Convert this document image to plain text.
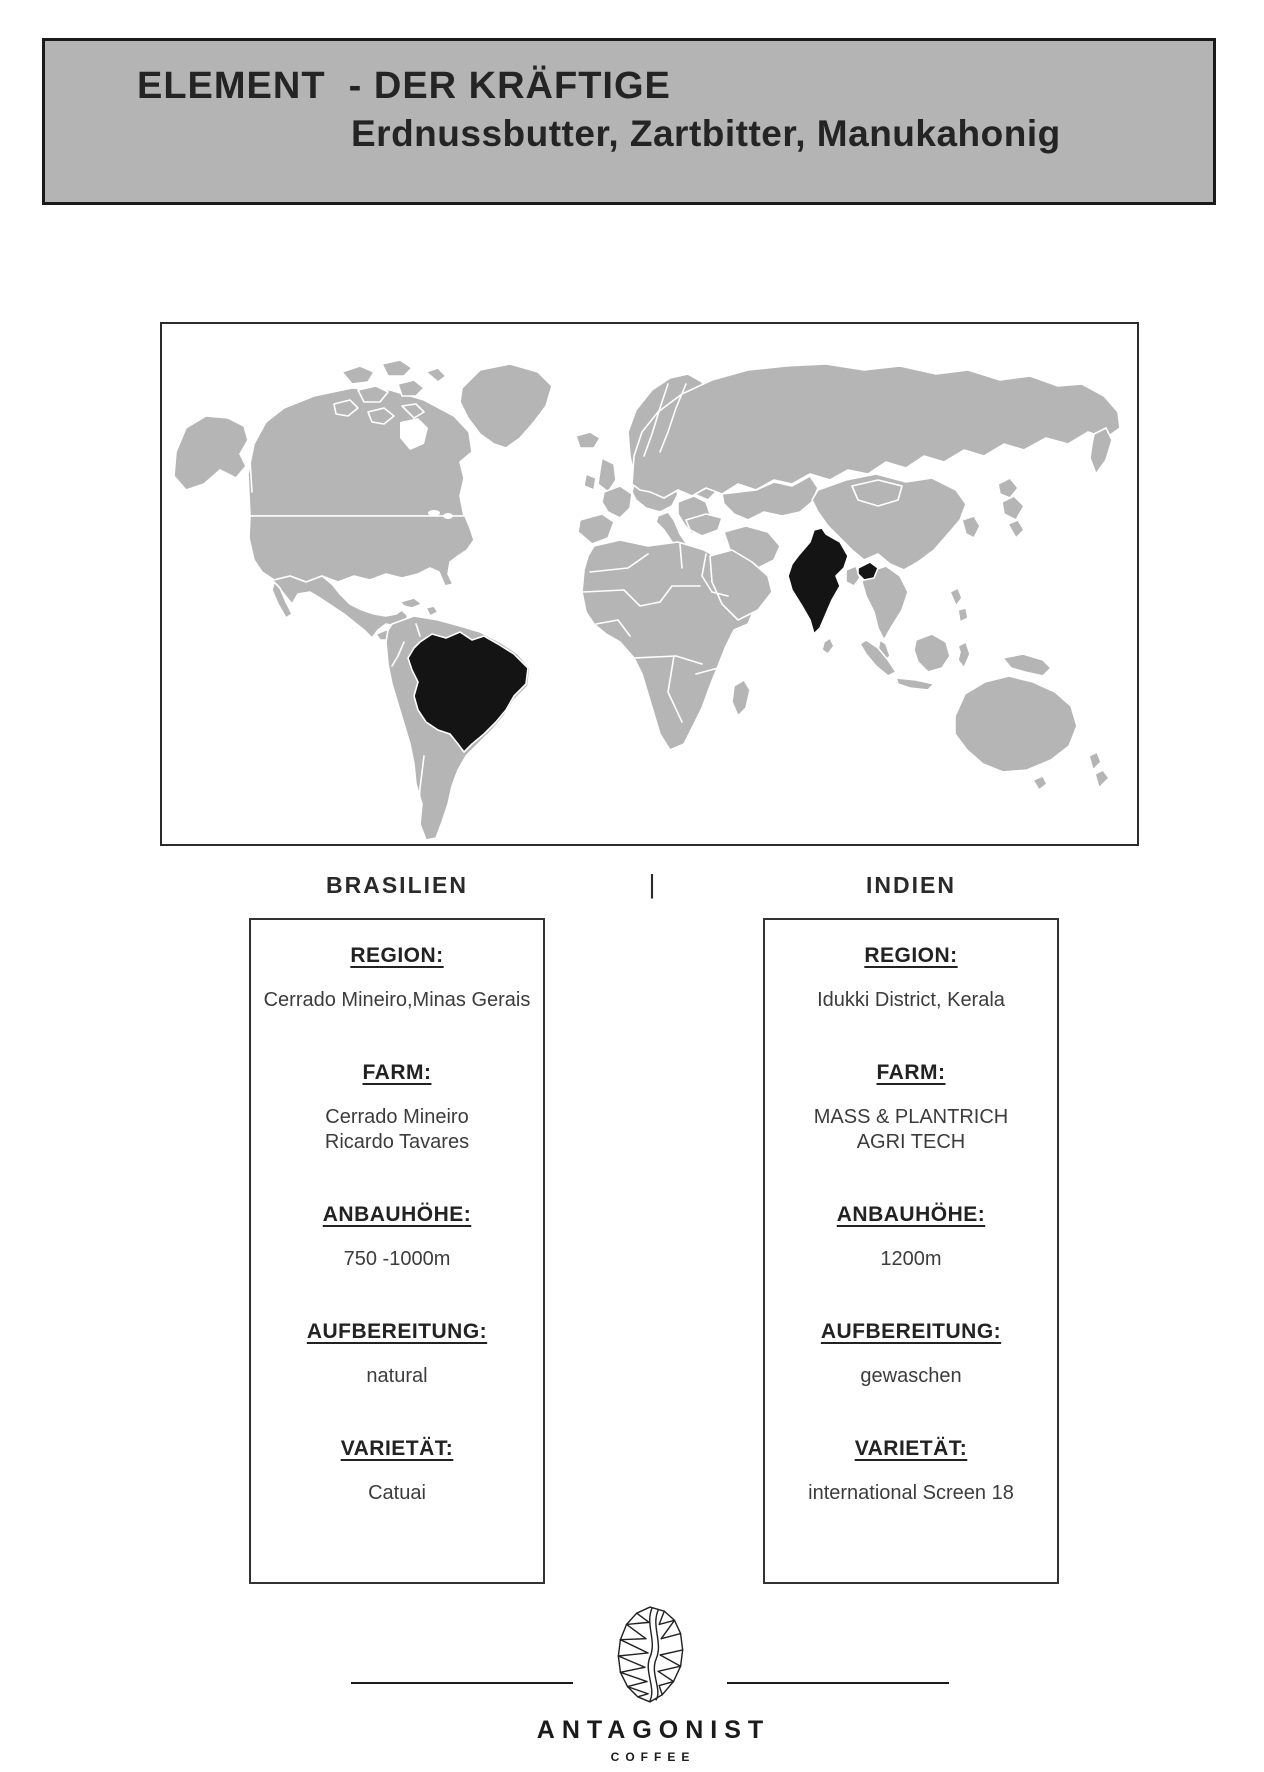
ELEMENT  - DER KRÄFTIGE
Erdnussbutter, Zartbitter, Manukahonig
BRASILIEN	|	INDIEN
REGION:
Cerrado Mineiro,Minas Gerais
FARM:
Cerrado Mineiro
Ricardo Tavares
ANBAUHÖHE:
750 -1000m
AUFBEREITUNG:
natural
VARIETÄT:
Catuai
REGION:
Idukki District, Kerala
FARM:
MASS & PLANTRICH
AGRI TECH
ANBAUHÖHE:
1200m
AUFBEREITUNG:
gewaschen
VARIETÄT:
international Screen 18
ANTAGONIST
COFFEE
